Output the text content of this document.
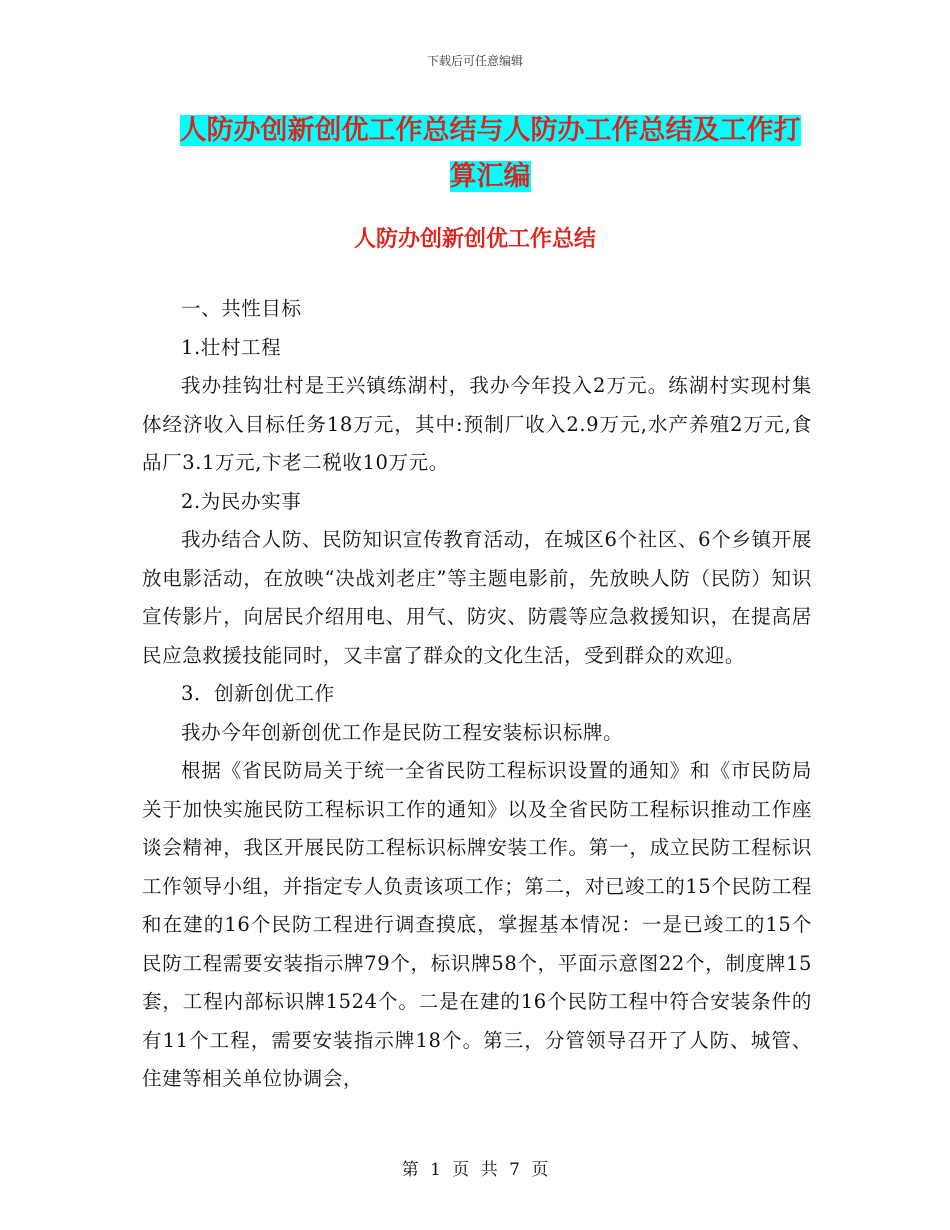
下载后可任意编辑
人防办创新创优工作总结与人防办工作总结及工作打
算汇编
人防办创新创优工作总结

一、共性目标

1.壮村工程

我办挂钩壮村是王兴镇练湖村，我办今年投入2万元。练湖村实现村集体经济收入目标任务18万元，其中:预制厂收入2.9万元,水产养殖2万元,食品厂3.1万元,卞老二税收10万元。

2.为民办实事

我办结合人防、民防知识宣传教育活动，在城区6个社区、6个乡镇开展放电影活动，在放映“决战刘老庄”等主题电影前，先放映人防（民防）知识宣传影片，向居民介绍用电、用气、防灾、防震等应急救援知识，在提高居民应急救援技能同时，又丰富了群众的文化生活，受到群众的欢迎。

3．创新创优工作

我办今年创新创优工作是民防工程安装标识标牌。

根据《省民防局关于统一全省民防工程标识设置的通知》和《市民防局关于加快实施民防工程标识工作的通知》以及全省民防工程标识推动工作座谈会精神，我区开展民防工程标识标牌安装工作。第一，成立民防工程标识工作领导小组，并指定专人负责该项工作；第二，对已竣工的15个民防工程和在建的16个民防工程进行调查摸底，掌握基本情况：一是已竣工的15个民防工程需要安装指示牌79个，标识牌58个，平面示意图22个，制度牌15套，工程内部标识牌1524个。二是在建的16个民防工程中符合安装条件的有11个工程，需要安装指示牌18个。第三，分管领导召开了人防、城管、住建等相关单位协调会，

第 1 页 共 7 页
